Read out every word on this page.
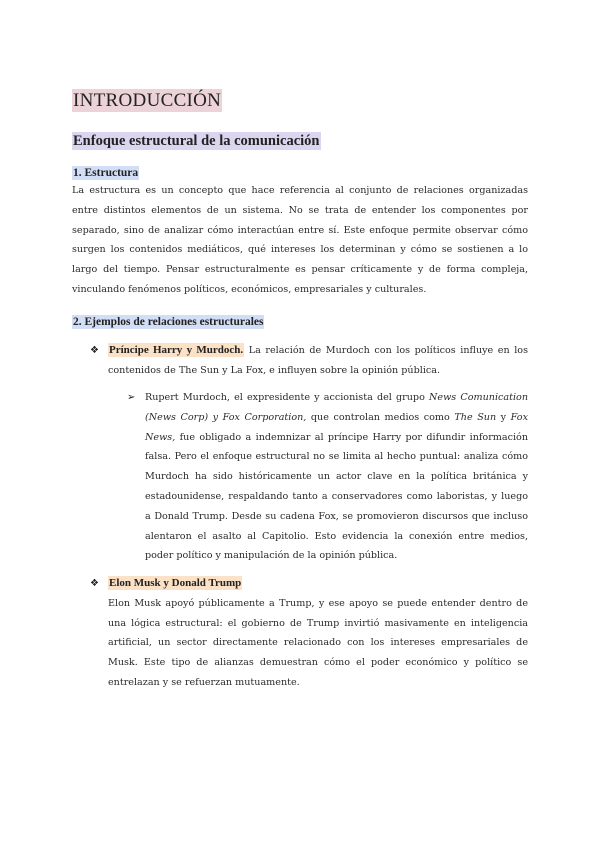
INTRODUCCIÓN
Enfoque estructural de la comunicación
1. Estructura

La estructura es un concepto que hace referencia al conjunto de relaciones organizadas entre distintos elementos de un sistema. No se trata de entender los componentes por separado, sino de analizar cómo interactúan entre sí. Este enfoque permite observar cómo surgen los contenidos mediáticos, qué intereses los determinan y cómo se sostienen a lo largo del tiempo. Pensar estructuralmente es pensar críticamente y de forma compleja, vinculando fenómenos políticos, económicos, empresariales y culturales.

2. Ejemplos de relaciones estructurales
❖ Príncipe Harry y Murdoch. La relación de Murdoch con los políticos influye en los contenidos de The Sun y La Fox, e influyen sobre la opinión pública.

➢ Rupert Murdoch, el expresidente y accionista del grupo News Comunication (News Corp) y Fox Corporation, que controlan medios como The Sun y Fox News, fue obligado a indemnizar al príncipe Harry por difundir información falsa. Pero el enfoque estructural no se limita al hecho puntual: analiza cómo Murdoch ha sido históricamente un actor clave en la política británica y estadounidense, respaldando tanto a conservadores como laboristas, y luego a Donald Trump. Desde su cadena Fox, se promovieron discursos que incluso alentaron el asalto al Capitolio. Esto evidencia la conexión entre medios, poder político y manipulación de la opinión pública.

❖ Elon Musk y Donald Trump
Elon Musk apoyó públicamente a Trump, y ese apoyo se puede entender dentro de una lógica estructural: el gobierno de Trump invirtió masivamente en inteligencia artificial, un sector directamente relacionado con los intereses empresariales de Musk. Este tipo de alianzas demuestran cómo el poder económico y político se entrelazan y se refuerzan mutuamente.
